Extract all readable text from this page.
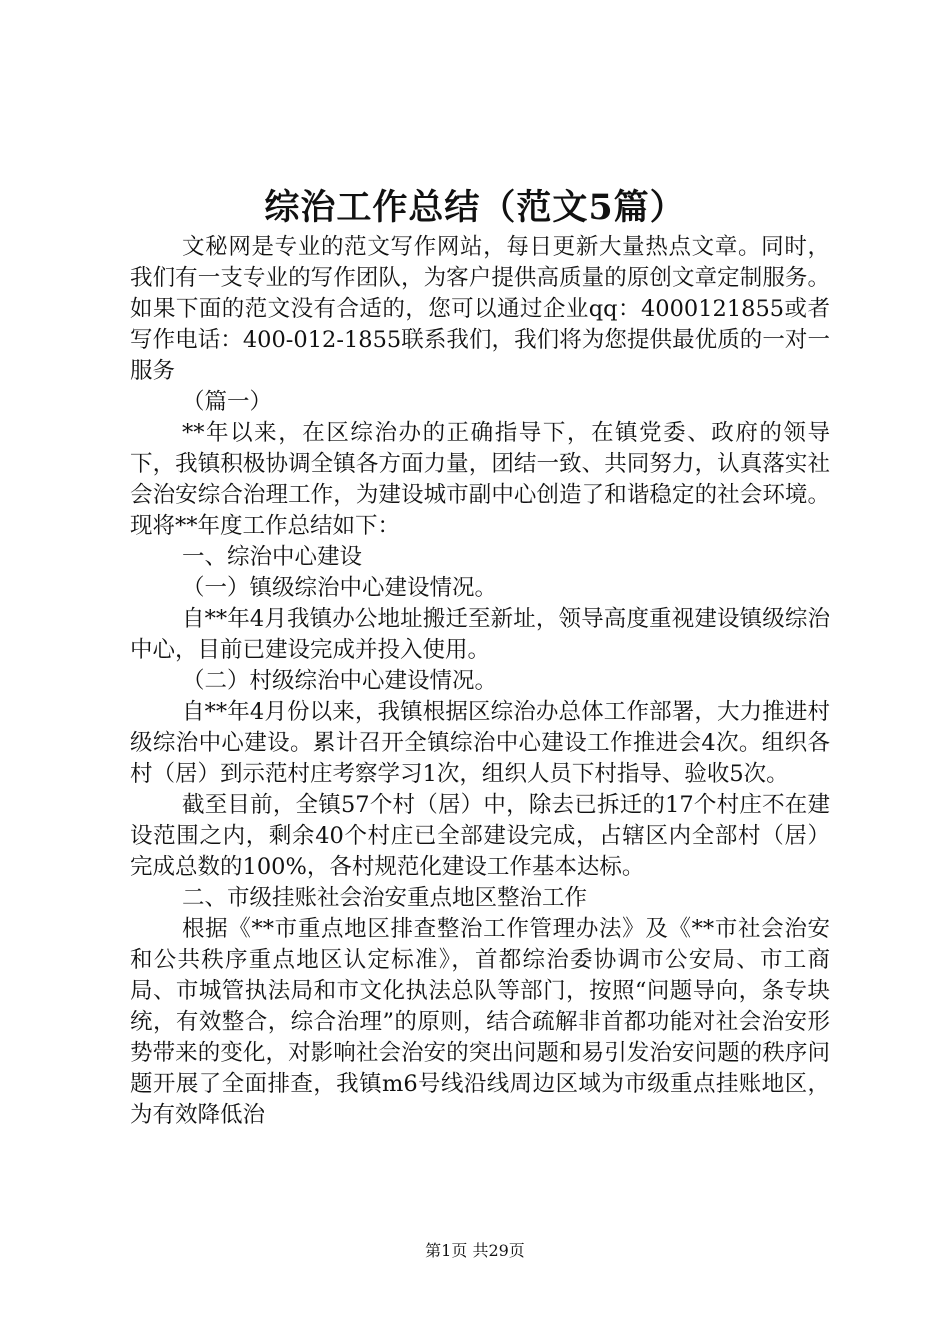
综治工作总结（范文5篇）

文秘网是专业的范文写作网站，每日更新大量热点文章。同时，我们有一支专业的写作团队，为客户提供高质量的原创文章定制服务。如果下面的范文没有合适的，您可以通过企业qq：4000121855或者写作电话：400-012-1855联系我们，我们将为您提供最优质的一对一服务

（篇一）

**年以来，在区综治办的正确指导下，在镇党委、政府的领导下，我镇积极协调全镇各方面力量，团结一致、共同努力，认真落实社会治安综合治理工作，为建设城市副中心创造了和谐稳定的社会环境。现将**年度工作总结如下：

一、综治中心建设

（一）镇级综治中心建设情况。

自**年4月我镇办公地址搬迁至新址，领导高度重视建设镇级综治中心，目前已建设完成并投入使用。

（二）村级综治中心建设情况。

自**年4月份以来，我镇根据区综治办总体工作部署，大力推进村级综治中心建设。累计召开全镇综治中心建设工作推进会4次。组织各村（居）到示范村庄考察学习1次，组织人员下村指导、验收5次。

截至目前，全镇57个村（居）中，除去已拆迁的17个村庄不在建设范围之内，剩余40个村庄已全部建设完成，占辖区内全部村（居）完成总数的100%，各村规范化建设工作基本达标。

二、市级挂账社会治安重点地区整治工作

根据《**市重点地区排查整治工作管理办法》及《**市社会治安和公共秩序重点地区认定标准》，首都综治委协调市公安局、市工商局、市城管执法局和市文化执法总队等部门，按照“问题导向，条专块统，有效整合，综合治理”的原则，结合疏解非首都功能对社会治安形势带来的变化，对影响社会治安的突出问题和易引发治安问题的秩序问题开展了全面排查，我镇m6号线沿线周边区域为市级重点挂账地区，为有效降低治

第1页 共29页
